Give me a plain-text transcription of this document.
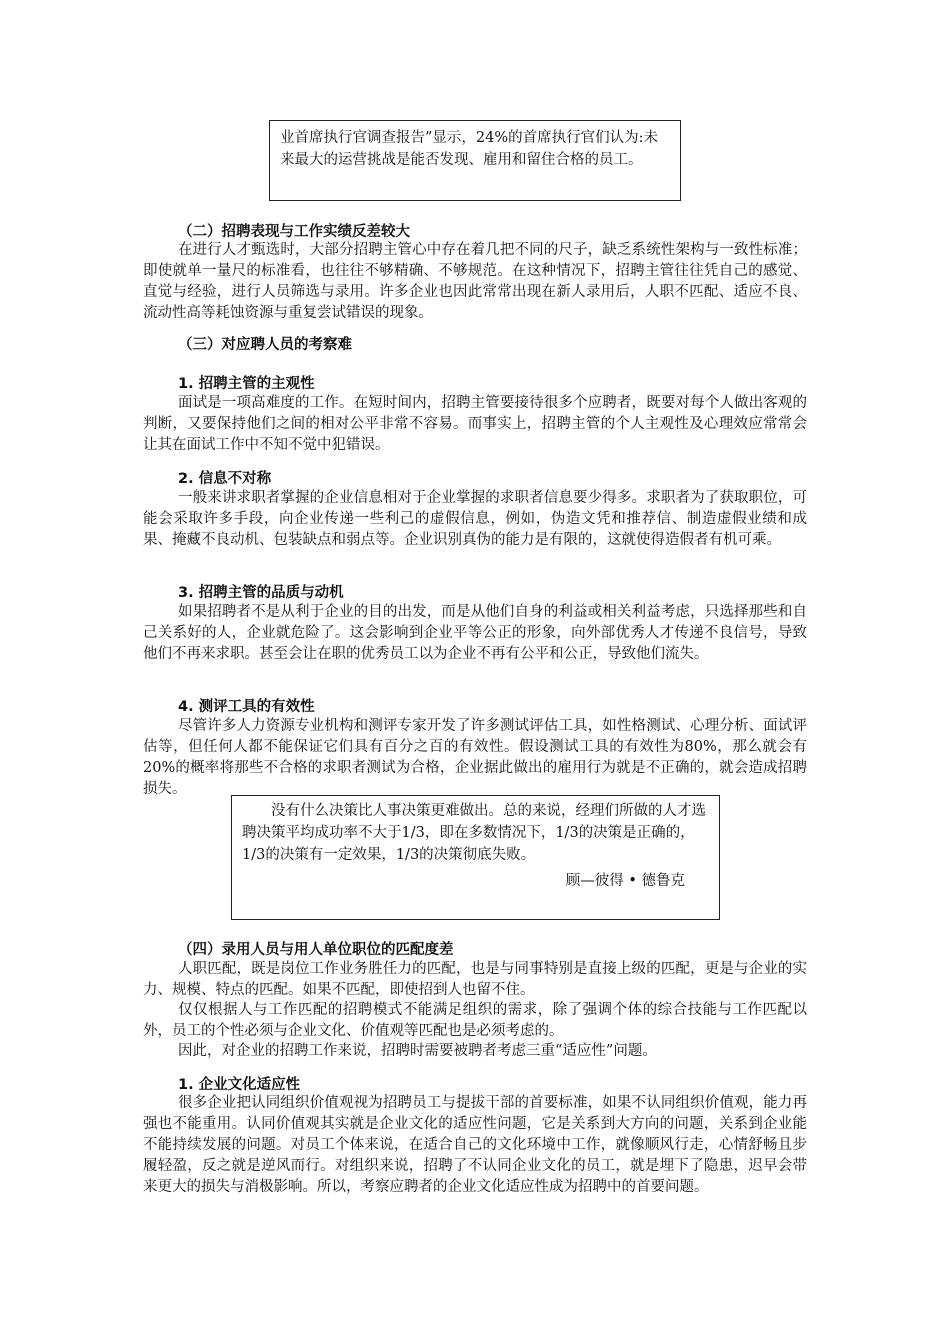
业首席执行官调查报告”显示，24%的首席执行官们认为:未来最大的运营挑战是能否发现、雇用和留住合格的员工。

（二）招聘表现与工作实绩反差较大

在进行人才甄选时，大部分招聘主管心中存在着几把不同的尺子，缺乏系统性架构与一致性标准；即使就单一量尺的标准看，也往往不够精确、不够规范。在这种情况下，招聘主管往往凭自己的感觉、直觉与经验，进行人员筛选与录用。许多企业也因此常常出现在新人录用后，人职不匹配、适应不良、流动性高等耗蚀资源与重复尝试错误的现象。

（三）对应聘人员的考察难
1. 招聘主管的主观性

面试是一项高难度的工作。在短时间内，招聘主管要接待很多个应聘者，既要对每个人做出客观的判断，又要保持他们之间的相对公平非常不容易。而事实上，招聘主管的个人主观性及心理效应常常会让其在面试工作中不知不觉中犯错误。

2. 信息不对称

一般来讲求职者掌握的企业信息相对于企业掌握的求职者信息要少得多。求职者为了获取职位，可能会采取许多手段，向企业传递一些利己的虚假信息，例如，伪造文凭和推荐信、制造虚假业绩和成果、掩藏不良动机、包装缺点和弱点等。企业识别真伪的能力是有限的，这就使得造假者有机可乘。

3. 招聘主管的品质与动机

如果招聘者不是从利于企业的目的出发，而是从他们自身的利益或相关利益考虑，只选择那些和自己关系好的人，企业就危险了。这会影响到企业平等公正的形象，向外部优秀人才传递不良信号，导致他们不再来求职。甚至会让在职的优秀员工以为企业不再有公平和公正，导致他们流失。

4. 测评工具的有效性

尽管许多人力资源专业机构和测评专家开发了许多测试评估工具，如性格测试、心理分析、面试评估等，但任何人都不能保证它们具有百分之百的有效性。假设测试工具的有效性为80%，那么就会有20%的概率将那些不合格的求职者测试为合格，企业据此做出的雇用行为就是不正确的，就会造成招聘损失。

没有什么决策比人事决策更难做出。总的来说，经理们所做的人才选聘决策平均成功率不大于1/3，即在多数情况下，1/3的决策是正确的，1/3的决策有一定效果，1/3的决策彻底失败。

顾—彼得 • 德鲁克

（四）录用人员与用人单位职位的匹配度差

人职匹配，既是岗位工作业务胜任力的匹配，也是与同事特别是直接上级的匹配，更是与企业的实力、规模、特点的匹配。如果不匹配，即使招到人也留不住。

仅仅根据人与工作匹配的招聘模式不能满足组织的需求，除了强调个体的综合技能与工作匹配以外，员工的个性必须与企业文化、价值观等匹配也是必须考虑的。

因此，对企业的招聘工作来说，招聘时需要被聘者考虑三重“适应性”问题。

1. 企业文化适应性

很多企业把认同组织价值观视为招聘员工与提拔干部的首要标准，如果不认同组织价值观，能力再强也不能重用。认同价值观其实就是企业文化的适应性问题，它是关系到大方向的问题，关系到企业能不能持续发展的问题。对员工个体来说，在适合自己的文化环境中工作，就像顺风行走，心情舒畅且步履轻盈，反之就是逆风而行。对组织来说，招聘了不认同企业文化的员工，就是埋下了隐患，迟早会带来更大的损失与消极影响。所以，考察应聘者的企业文化适应性成为招聘中的首要问题。
